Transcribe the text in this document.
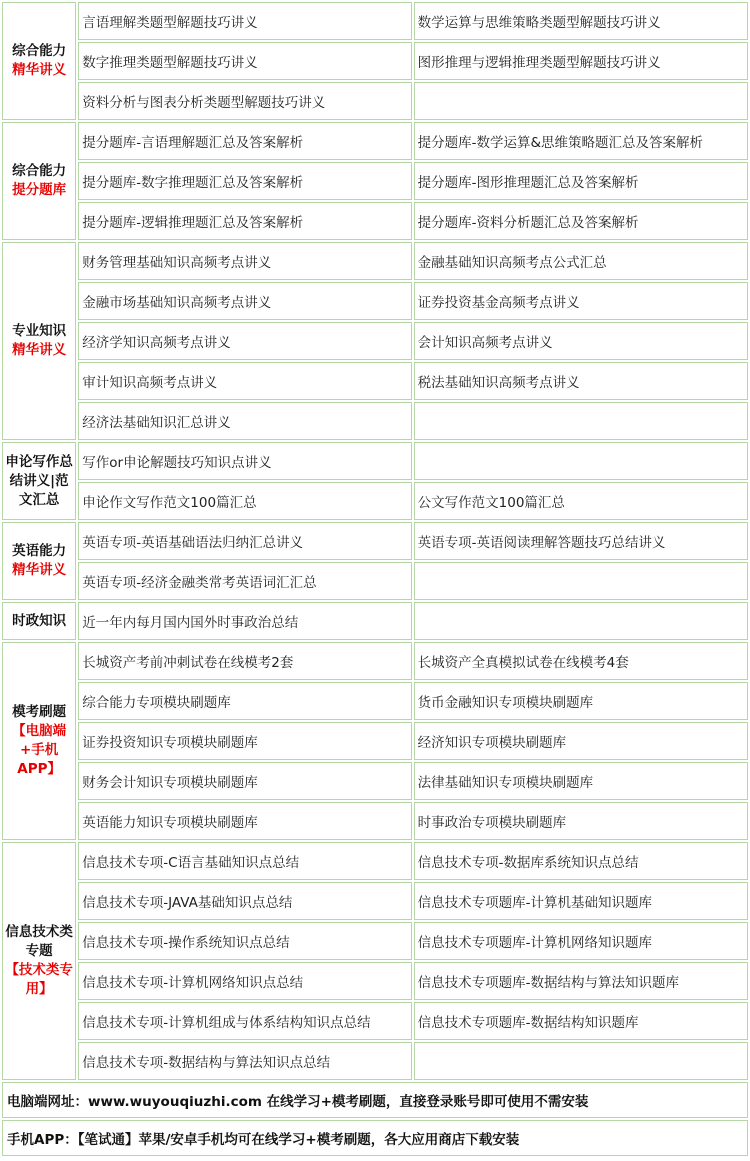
综合能力
精华讲义	言语理解类题型解题技巧讲义	数学运算与思维策略类题型解题技巧讲义
	数字推理类题型解题技巧讲义	图形推理与逻辑推理类题型解题技巧讲义
	资料分析与图表分析类题型解题技巧讲义	

综合能力
提分题库	提分题库-言语理解题汇总及答案解析	提分题库-数学运算&思维策略题汇总及答案解析
	提分题库-数字推理题汇总及答案解析	提分题库-图形推理题汇总及答案解析
	提分题库-逻辑推理题汇总及答案解析	提分题库-资料分析题汇总及答案解析

专业知识
精华讲义	财务管理基础知识高频考点讲义	金融基础知识高频考点公式汇总
	金融市场基础知识高频考点讲义	证券投资基金高频考点讲义
	经济学知识高频考点讲义	会计知识高频考点讲义
	审计知识高频考点讲义	税法基础知识高频考点讲义
	经济法基础知识汇总讲义	

申论写作总结讲义|范文汇总	写作or申论解题技巧知识点讲义	
	申论作文写作范文100篇汇总	公文写作范文100篇汇总

英语能力
精华讲义	英语专项-英语基础语法归纳汇总讲义	英语专项-英语阅读理解答题技巧总结讲义
	英语专项-经济金融类常考英语词汇汇总	

时政知识	近一年内每月国内国外时事政治总结	

模考刷题
【电脑端+手机APP】	长城资产考前冲刺试卷在线模考2套	长城资产全真模拟试卷在线模考4套
	综合能力专项模块刷题库	货币金融知识专项模块刷题库
	证券投资知识专项模块刷题库	经济知识专项模块刷题库
	财务会计知识专项模块刷题库	法律基础知识专项模块刷题库
	英语能力知识专项模块刷题库	时事政治专项模块刷题库

信息技术类专题
【技术类专用】	信息技术专项-C语言基础知识点总结	信息技术专项-数据库系统知识点总结
	信息技术专项-JAVA基础知识点总结	信息技术专项题库-计算机基础知识题库
	信息技术专项-操作系统知识点总结	信息技术专项题库-计算机网络知识题库
	信息技术专项-计算机网络知识点总结	信息技术专项题库-数据结构与算法知识题库
	信息技术专项-计算机组成与体系结构知识点总结	信息技术专项题库-数据结构知识题库
	信息技术专项-数据结构与算法知识点总结	
电脑端网址：www.wuyouqiuzhi.com 在线学习+模考刷题，直接登录账号即可使用不需安装		
手机APP：【笔试通】苹果/安卓手机均可在线学习+模考刷题，各大应用商店下载安装		
